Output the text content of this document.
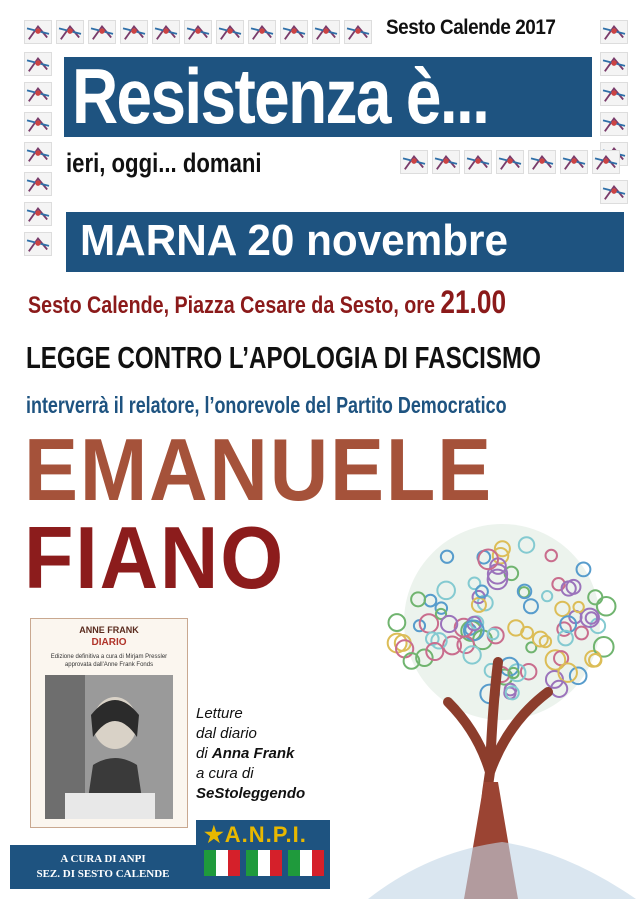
Sesto Calende 2017
Resistenza è...
ieri, oggi... domani
MARNA 20 novembre
Sesto Calende, Piazza Cesare da Sesto, ore 21.00
LEGGE CONTRO L’APOLOGIA DI FASCISMO
interverrà il relatore, l’onorevole del Partito Democratico
EMANUELE
FIANO
ANNE FRANK
DIARIO
Edizione definitiva a cura di Mirjam Pressler approvata dall'Anne Frank Fonds
Letture
dal diario
di Anna Frank
a cura di
SeStoleggendo
A CURA DI ANPI
SEZ. DI SESTO CALENDE
★A.N.P.I.
